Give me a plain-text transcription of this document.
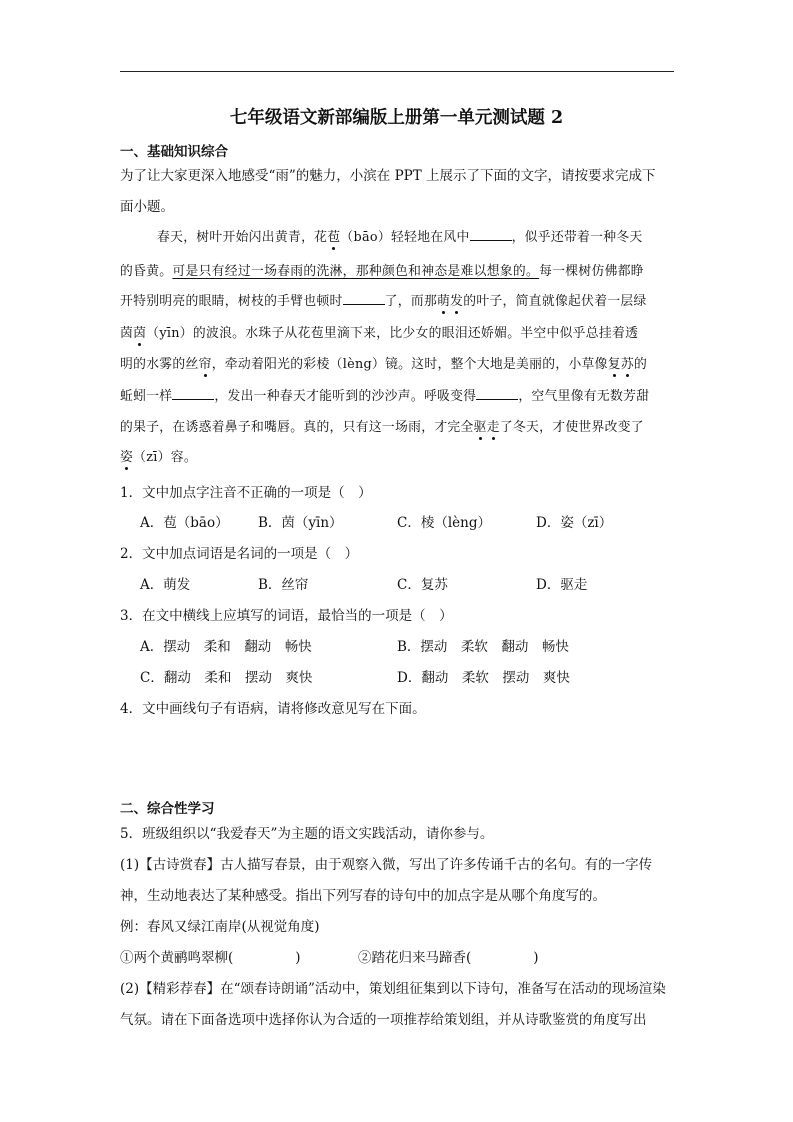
七年级语文新部编版上册第一单元测试题 2
一、基础知识综合
为了让大家更深入地感受“雨”的魅力，小滨在 PPT 上展示了下面的文字，请按要求完成下
面小题。
春天，树叶开始闪出黄青，花苞（bāo）轻轻地在风中	，似乎还带着一种冬天
的昏黄。可是只有经过一场春雨的洗淋，那种颜色和神态是难以想象的。每一棵树仿佛都睁
开特别明亮的眼睛，树枝的手臂也顿时	了，而那萌发的叶子，简直就像起伏着一层绿
茵茵（yīn）的波浪。水珠子从花苞里滴下来，比少女的眼泪还娇媚。半空中似乎总挂着透
明的水雾的丝帘，牵动着阳光的彩棱（lèng）镜。这时，整个大地是美丽的，小草像复苏的
蚯蚓一样	，发出一种春天才能听到的沙沙声。呼吸变得	，空气里像有无数芳甜
的果子，在诱惑着鼻子和嘴唇。真的，只有这一场雨，才完全驱走了冬天，才使世界改变了
姿（zī）容。
1．文中加点字注音不正确的一项是（　）
A．苞（bāo） B．茵（yīn）	C．棱（lèng）	D．姿（zī）
2．文中加点词语是名词的一项是（　）
A．萌发	B．丝帘	C．复苏	D．驱走
3．在文中横线上应填写的词语，最恰当的一项是（　）
A．摆动　柔和　翻动　畅快	B．摆动　柔软　翻动　畅快
C．翻动　柔和　摆动　爽快	D．翻动　柔软　摆动　爽快
4．文中画线句子有语病，请将修改意见写在下面。
二、综合性学习
5．班级组织以“我爱春天”为主题的语文实践活动，请你参与。
(1)【古诗赏春】古人描写春景，由于观察入微，写出了许多传诵千古的名句。有的一字传
神，生动地表达了某种感受。指出下列写春的诗句中的加点字是从哪个角度写的。
例：春风又绿江南岸(从视觉角度)
①两个黄鹂鸣翠柳(	)	②踏花归来马蹄香(	)
(2)【精彩荐春】在“颂春诗朗诵”活动中，策划组征集到以下诗句，准备写在活动的现场渲染
气氛。请在下面备选项中选择你认为合适的一项推荐给策划组，并从诗歌鉴赏的角度写出
